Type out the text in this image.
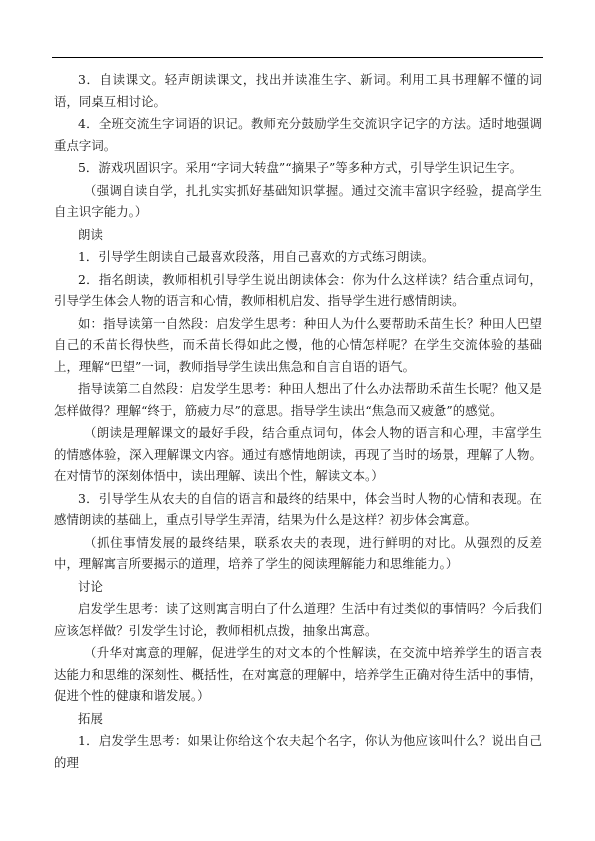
3．自读课文。轻声朗读课文，找出并读准生字、新词。利用工具书理解不懂的词语，同桌互相讨论。

4．全班交流生字词语的识记。教师充分鼓励学生交流识字记字的方法。适时地强调重点字词。

5．游戏巩固识字。采用“字词大转盘”“摘果子”等多种方式，引导学生识记生字。

（强调自读自学，扎扎实实抓好基础知识掌握。通过交流丰富识字经验，提高学生自主识字能力。）

朗读

1．引导学生朗读自己最喜欢段落，用自己喜欢的方式练习朗读。

2．指名朗读，教师相机引导学生说出朗读体会：你为什么这样读？结合重点词句，引导学生体会人物的语言和心情，教师相机启发、指导学生进行感情朗读。

如：指导读第一自然段：启发学生思考：种田人为什么要帮助禾苗生长？种田人巴望自己的禾苗长得快些，而禾苗长得如此之慢，他的心情怎样呢？在学生交流体验的基础上，理解“巴望”一词，教师指导学生读出焦急和自言自语的语气。

指导读第二自然段：启发学生思考：种田人想出了什么办法帮助禾苗生长呢？他又是怎样做得？理解“终于，筋疲力尽”的意思。指导学生读出“焦急而又疲惫”的感觉。

（朗读是理解课文的最好手段，结合重点词句，体会人物的语言和心理，丰富学生的情感体验，深入理解课文内容。通过有感情地朗读，再现了当时的场景，理解了人物。在对情节的深刻体悟中，读出理解、读出个性，解读文本。）

3．引导学生从农夫的自信的语言和最终的结果中，体会当时人物的心情和表现。在感情朗读的基础上，重点引导学生弄清，结果为什么是这样？初步体会寓意。

（抓住事情发展的最终结果，联系农夫的表现，进行鲜明的对比。从强烈的反差中，理解寓言所要揭示的道理，培养了学生的阅读理解能力和思维能力。）

讨论

启发学生思考：读了这则寓言明白了什么道理？生活中有过类似的事情吗？今后我们应该怎样做？引发学生讨论，教师相机点拨，抽象出寓意。

（升华对寓意的理解，促进学生的对文本的个性解读，在交流中培养学生的语言表达能力和思维的深刻性、概括性，在对寓意的理解中，培养学生正确对待生活中的事情，促进个性的健康和谐发展。）

拓展

1．启发学生思考：如果让你给这个农夫起个名字，你认为他应该叫什么？说出自己的理
